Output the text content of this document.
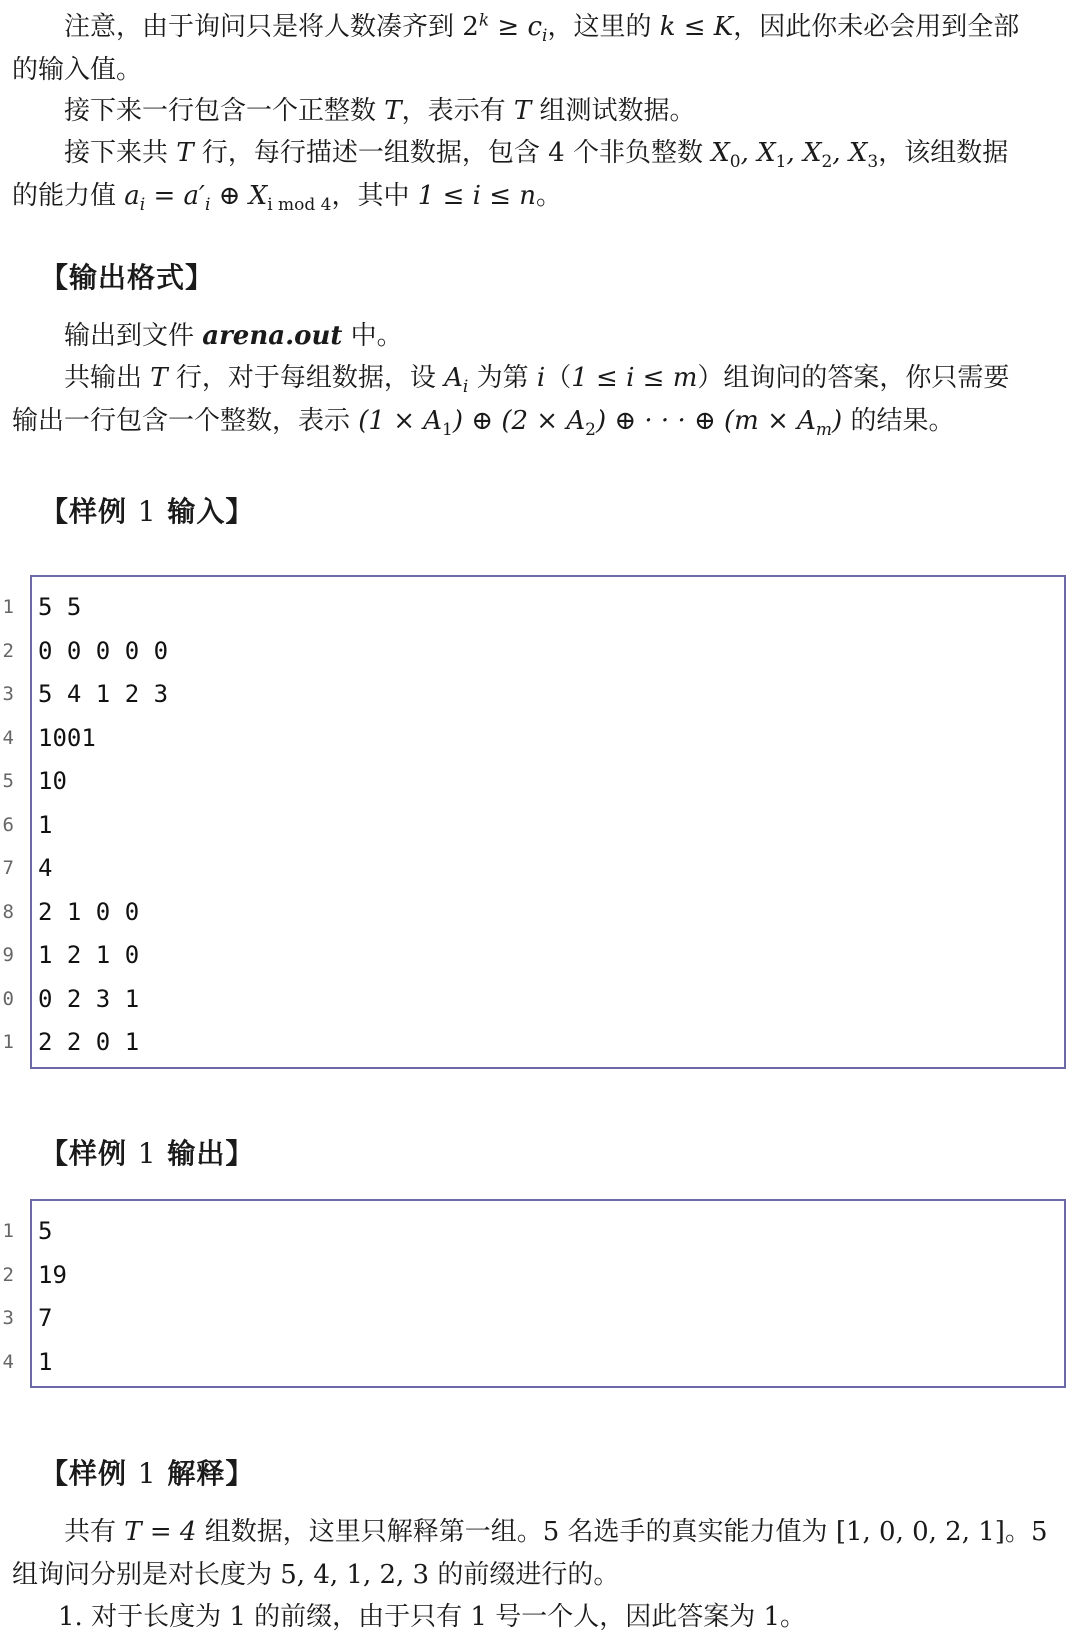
注意，由于询问只是将人数凑齐到 $2^k \ge c_i$，这里的 k ≤ K，因此你未必会用到全部
的输入值。

接下来一行包含一个正整数 T，表示有 T 组测试数据。

接下来共 T 行，每行描述一组数据，包含 4 个非负整数 $X_0$, $X_1$, $X_2$, $X_3$，该组数据
的能力值 $a_i = a'_i$ ⊕ $X_{i mod 4}$，其中 1 ≤ i ≤ n。

【输出格式】

输出到文件 arena.out 中。

共输出 T 行，对于每组数据，设 $A_i$ 为第 i（1 ≤ i ≤ m）组询问的答案，你只需要
输出一行包含一个整数，表示 $(1 \times A_1)$ ⊕ $(2 \times A_2)$ ⊕ · · · ⊕ $(m \times A_m)$ 的结果。

【样例 1 输入】
1 5 5
2 0 0 0 0 0
3 5 4 1 2 3
4 1001
5 10
6 1
7 4
8 2 1 0 0
9 1 2 1 0
0 0 2 3 1
1 2 2 0 1
【样例 1 输出】
1 5
2 19
3 7
4 1
【样例 1 解释】

共有 T = 4 组数据，这里只解释第一组。5 名选手的真实能力值为 [1, 0, 0, 2, 1]。5
组询问分别是对长度为 5, 4, 1, 2, 3 的前缀进行的。

1. 对于长度为 1 的前缀，由于只有 1 号一个人，因此答案为 1。
